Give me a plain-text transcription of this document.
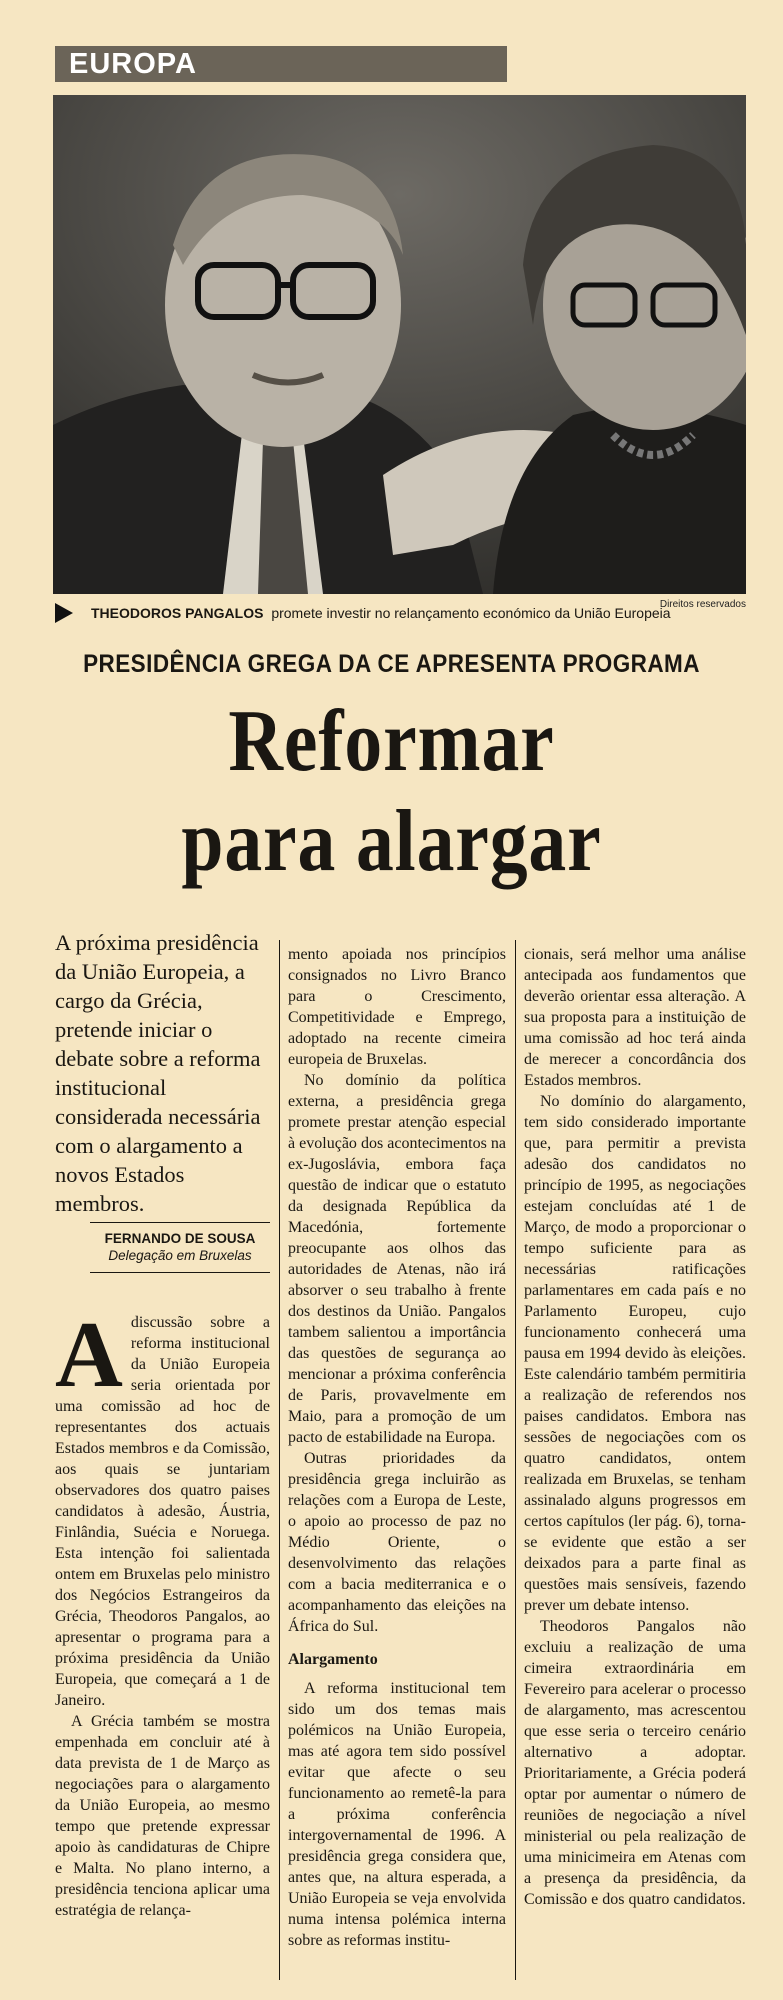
EUROPA
Direitos reservados
THEODOROS PANGALOS promete investir no relançamento económico da União Europeia
PRESIDÊNCIA GREGA DA CE APRESENTA PROGRAMA
Reformar
para alargar
A próxima presidência da União Europeia, a cargo da Grécia, pretende iniciar o debate sobre a reforma institucional considerada necessária com o alargamento a novos Estados membros.
FERNANDO DE SOUSA
Delegação em Bruxelas
A discussão sobre a reforma institucional da União Europeia seria orientada por uma comissão ad hoc de representantes dos actuais Estados membros e da Comissão, aos quais se juntariam observadores dos quatro paises candidatos à adesão, Áustria, Finlândia, Suécia e Noruega. Esta intenção foi salientada ontem em Bruxelas pelo ministro dos Negócios Estrangeiros da Grécia, Theodoros Pangalos, ao apresentar o programa para a próxima presidência da União Europeia, que começará a 1 de Janeiro.

A Grécia também se mostra empenhada em concluir até à data prevista de 1 de Março as negociações para o alargamento da União Europeia, ao mesmo tempo que pretende expressar apoio às candidaturas de Chipre e Malta. No plano interno, a presidência tenciona aplicar uma estratégia de relança-

mento apoiada nos princípios consignados no Livro Branco para o Crescimento, Competitividade e Emprego, adoptado na recente cimeira europeia de Bruxelas.

No domínio da política externa, a presidência grega promete prestar atenção especial à evolução dos acontecimentos na ex-Jugoslávia, embora faça questão de indicar que o estatuto da designada República da Macedónia, fortemente preocupante aos olhos das autoridades de Atenas, não irá absorver o seu trabalho à frente dos destinos da União. Pangalos tambem salientou a importância das questões de segurança ao mencionar a próxima conferência de Paris, provavelmente em Maio, para a promoção de um pacto de estabilidade na Europa.

Outras prioridades da presidência grega incluirão as relações com a Europa de Leste, o apoio ao processo de paz no Médio Oriente, o desenvolvimento das relações com a bacia mediterranica e o acompanhamento das eleições na África do Sul.

Alargamento

A reforma institucional tem sido um dos temas mais polémicos na União Europeia, mas até agora tem sido possível evitar que afecte o seu funcionamento ao remetê-la para a próxima conferência intergovernamental de 1996. A presidência grega considera que, antes que, na altura esperada, a União Europeia se veja envolvida numa intensa polémica interna sobre as reformas institu-

cionais, será melhor uma análise antecipada aos fundamentos que deverão orientar essa alteração. A sua proposta para a instituição de uma comissão ad hoc terá ainda de merecer a concordância dos Estados membros.

No domínio do alargamento, tem sido considerado importante que, para permitir a prevista adesão dos candidatos no princípio de 1995, as negociações estejam concluídas até 1 de Março, de modo a proporcionar o tempo suficiente para as necessárias ratificações parlamentares em cada país e no Parlamento Europeu, cujo funcionamento conhecerá uma pausa em 1994 devido às eleições. Este calendário também permitiria a realização de referendos nos paises candidatos. Embora nas sessões de negociações com os quatro candidatos, ontem realizada em Bruxelas, se tenham assinalado alguns progressos em certos capítulos (ler pág. 6), torna-se evidente que estão a ser deixados para a parte final as questões mais sensíveis, fazendo prever um debate intenso.

Theodoros Pangalos não excluiu a realização de uma cimeira extraordinária em Fevereiro para acelerar o processo de alargamento, mas acrescentou que esse seria o terceiro cenário alternativo a adoptar. Prioritariamente, a Grécia poderá optar por aumentar o número de reuniões de negociação a nível ministerial ou pela realização de uma minicimeira em Atenas com a presença da presidência, da Comissão e dos quatro candidatos.
